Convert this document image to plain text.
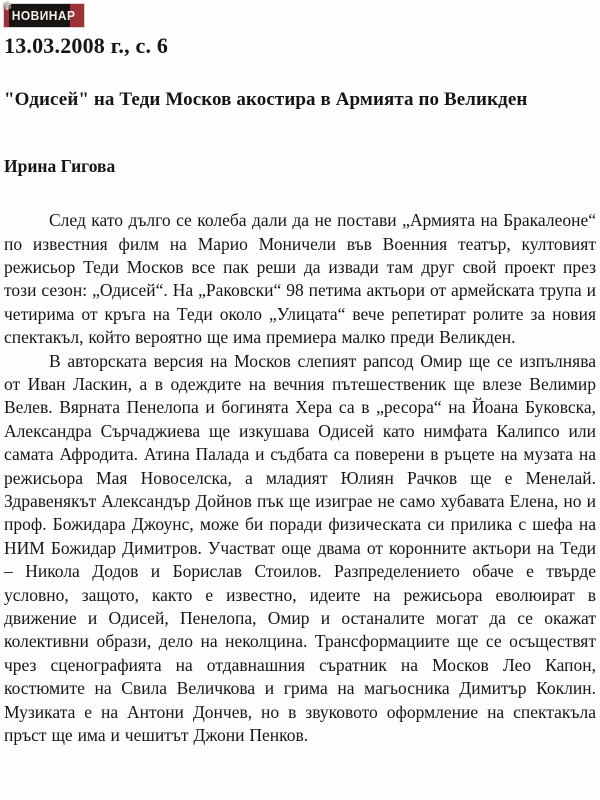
✾
НОВИНАР
13.03.2008 г., с. 6
"Одисей" на Теди Москов акостира в Армията по Великден
Ирина Гигова

След като дълго се колеба дали да не постави „Армията на Бракалеоне“ по известния филм на Марио Моничели във Военния театър, култовият режисьор Теди Москов все пак реши да извади там друг свой проект през този сезон: „Одисей“. На „Раковски“ 98 петима актьори от армейската трупа и четирима от кръга на Теди около „Улицата“ вече репетират ролите за новия спектакъл, който вероятно ще има премиера малко преди Великден.

В авторската версия на Москов слепият рапсод Омир ще се изпълнява от Иван Ласкин, а в одеждите на вечния пътешественик ще влезе Велимир Велев. Вярната Пенелопа и богинята Хера са в „ресора“ на Йоана Буковска, Александра Сърчаджиева ще изкушава Одисей като нимфата Калипсо или самата Афродита. Атина Палада и съдбата са поверени в ръцете на музата на режисьора Мая Новоселска, а младият Юлиян Рачков ще е Менелай. Здравенякът Александър Дойнов пък ще изиграе не само хубавата Елена, но и проф. Божидара Джоунс, може би поради физическата си прилика с шефа на НИМ Божидар Димитров. Участват още двама от коронните актьори на Теди – Никола Додов и Борислав Стоилов. Разпределението обаче е твърде условно, защото, както е известно, идеите на режисьора еволюират в движение и Одисей, Пенелопа, Омир и останалите могат да се окажат колективни образи, дело на неколцина. Трансформациите ще се осъществят чрез сценографията на отдавнашния съратник на Москов Лео Капон, костюмите на Свила Величкова и грима на магьосника Димитър Коклин. Музиката е на Антони Дончев, но в звуковото оформление на спектакъла пръст ще има и чешитът Джони Пенков.
